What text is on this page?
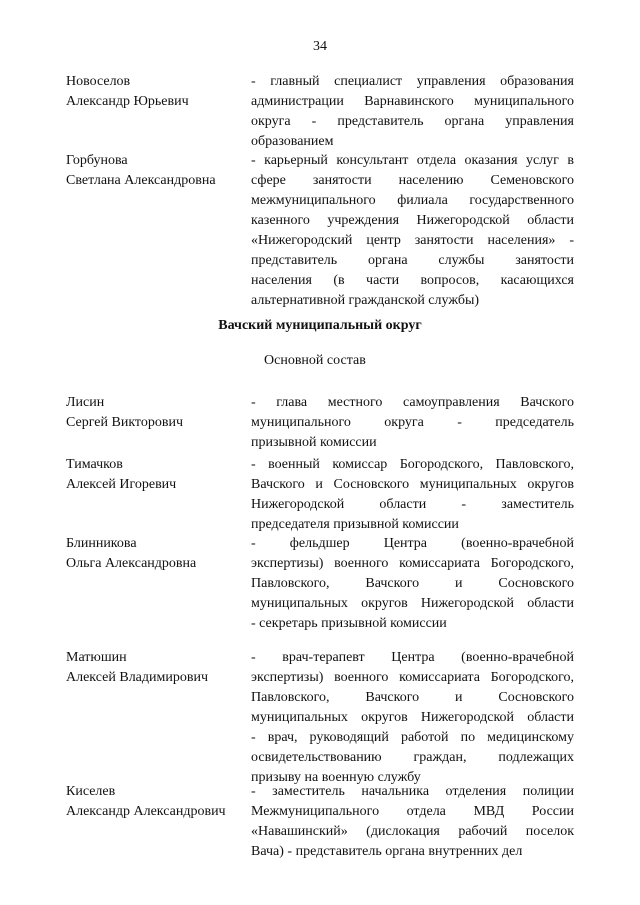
34
Новоселов
Александр Юрьевич
- главный специалист управления образования
администрации Варнавинского муниципального
округа - представитель органа управления
образованием
Горбунова
Светлана Александровна
- карьерный консультант отдела оказания услуг в
сфере занятости населению Семеновского
межмуниципального филиала государственного
казенного учреждения Нижегородской области
«Нижегородский центр занятости населения» -
представитель органа службы занятости
населения (в части вопросов, касающихся
альтернативной гражданской службы)
Вачский муниципальный округ
Основной состав
Лисин
Сергей Викторович
- глава местного самоуправления Вачского
муниципального округа - председатель
призывной комиссии
Тимачков
Алексей Игоревич
- военный комиссар Богородского, Павловского,
Вачского и Сосновского муниципальных округов
Нижегородской области - заместитель
председателя призывной комиссии
Блинникова
Ольга Александровна
- фельдшер Центра (военно-врачебной
экспертизы) военного комиссариата Богородского,
Павловского, Вачского и Сосновского
муниципальных округов Нижегородской области
- секретарь призывной комиссии
Матюшин
Алексей Владимирович
- врач-терапевт Центра (военно-врачебной
экспертизы) военного комиссариата Богородского,
Павловского, Вачского и Сосновского
муниципальных округов Нижегородской области
- врач, руководящий работой по медицинскому
освидетельствованию граждан, подлежащих
призыву на военную службу
Киселев
Александр Александрович
- заместитель начальника отделения полиции
Межмуниципального отдела МВД России
«Навашинский» (дислокация рабочий поселок
Вача) - представитель органа внутренних дел
